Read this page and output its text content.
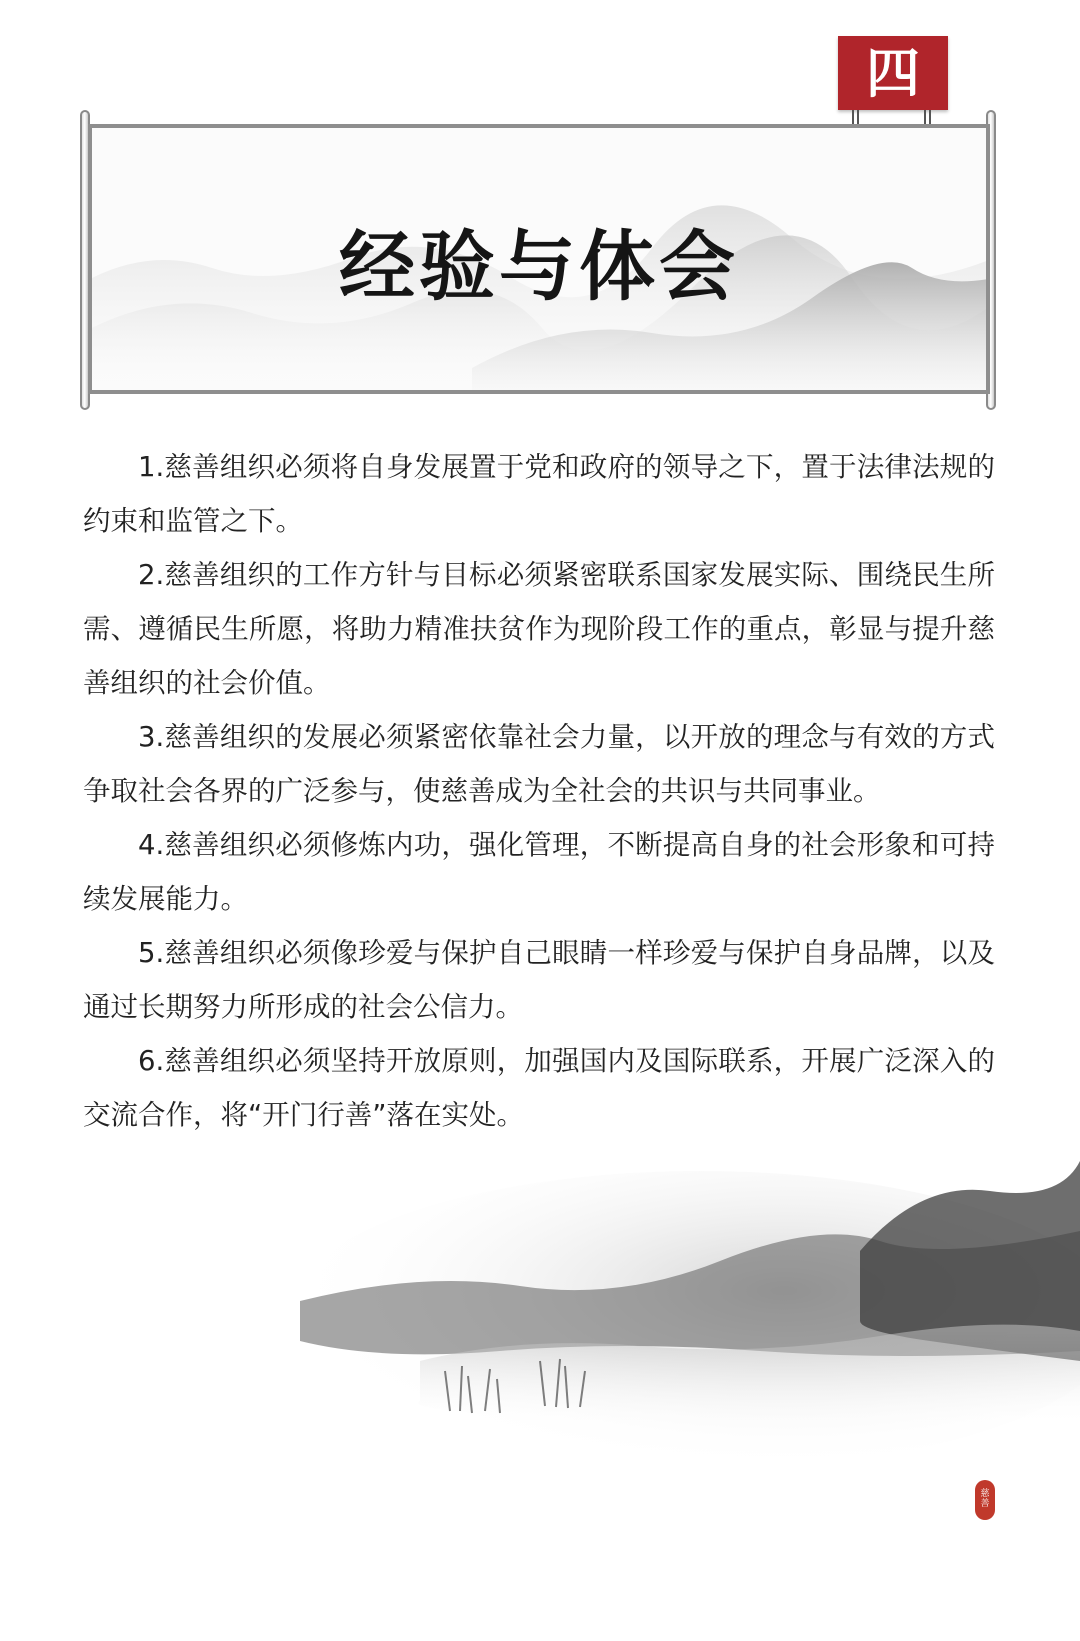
四
经验与体会

1.慈善组织必须将自身发展置于党和政府的领导之下，置于法律法规的约束和监管之下。

2.慈善组织的工作方针与目标必须紧密联系国家发展实际、围绕民生所需、遵循民生所愿，将助力精准扶贫作为现阶段工作的重点，彰显与提升慈善组织的社会价值。

3.慈善组织的发展必须紧密依靠社会力量，以开放的理念与有效的方式争取社会各界的广泛参与，使慈善成为全社会的共识与共同事业。

4.慈善组织必须修炼内功，强化管理，不断提高自身的社会形象和可持续发展能力。

5.慈善组织必须像珍爱与保护自己眼睛一样珍爱与保护自身品牌，以及通过长期努力所形成的社会公信力。

6.慈善组织必须坚持开放原则，加强国内及国际联系，开展广泛深入的交流合作，将“开门行善”落在实处。

慈
善
